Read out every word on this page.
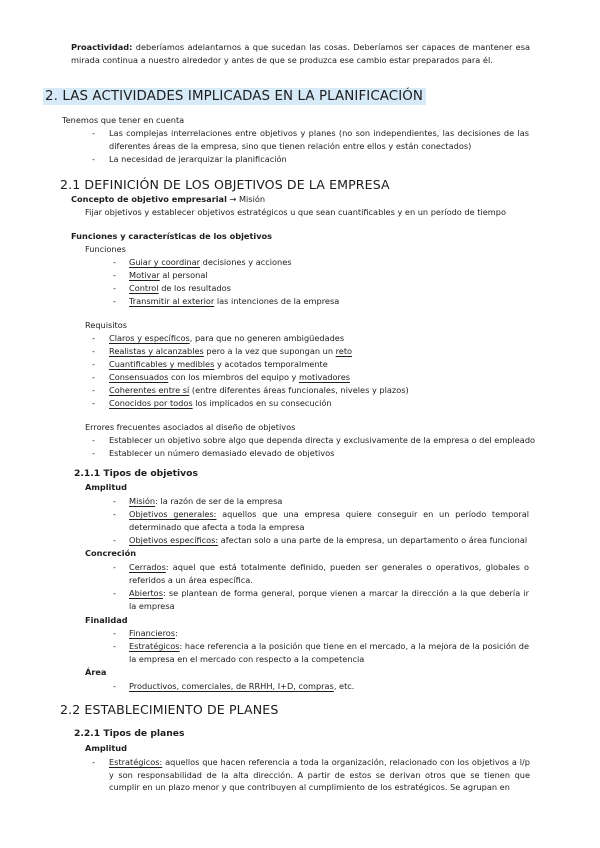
Proactividad: deberíamos adelantarnos a que sucedan las cosas. Deberíamos ser capaces de mantener esa mirada continua a nuestro alrededor y antes de que se produzca ese cambio estar preparados para él.
2. LAS ACTIVIDADES IMPLICADAS EN LA PLANIFICACIÓN
Tenemos que tener en cuenta
- Las complejas interrelaciones entre objetivos y planes (no son independientes, las decisiones de las diferentes áreas de la empresa, sino que tienen relación entre ellos y están conectados)
- La necesidad de jerarquizar la planificación
2.1 DEFINICIÓN DE LOS OBJETIVOS DE LA EMPRESA
Concepto de objetivo empresarial → Misión
Fijar objetivos y establecer objetivos estratégicos u que sean cuantificables y en un período de tiempo
Funciones y características de los objetivos
Funciones
- Guiar y coordinar decisiones y acciones
- Motivar al personal
- Control de los resultados
- Transmitir al exterior las intenciones de la empresa
Requisitos
- Claros y específicos, para que no generen ambigüedades
- Realistas y alcanzables pero a la vez que supongan un reto
- Cuantificables y medibles y acotados temporalmente
- Consensuados con los miembros del equipo y motivadores
- Coherentes entre sí (entre diferentes áreas funcionales, niveles y plazos)
- Conocidos por todos los implicados en su consecución
Errores frecuentes asociados al diseño de objetivos
- Establecer un objetivo sobre algo que dependa directa y exclusivamente de la empresa o del empleado
- Establecer un número demasiado elevado de objetivos
2.1.1 Tipos de objetivos
Amplitud
- Misión: la razón de ser de la empresa
- Objetivos generales: aquellos que una empresa quiere conseguir en un período temporal determinado que afecta a toda la empresa
- Objetivos específicos: afectan solo a una parte de la empresa, un departamento o área funcional
Concreción
- Cerrados: aquel que está totalmente definido, pueden ser generales o operativos, globales o referidos a un área específica.
- Abiertos: se plantean de forma general, porque vienen a marcar la dirección a la que debería ir la empresa
Finalidad
- Financieros:
- Estratégicos: hace referencia a la posición que tiene en el mercado, a la mejora de la posición de la empresa en el mercado con respecto a la competencia
Área
- Productivos, comerciales, de RRHH, I+D, compras, etc.
2.2 ESTABLECIMIENTO DE PLANES
2.2.1 Tipos de planes
Amplitud
- Estratégicos: aquellos que hacen referencia a toda la organización, relacionado con los objetivos a l/p y son responsabilidad de la alta dirección. A partir de estos se derivan otros que se tienen que cumplir en un plazo menor y que contribuyen al cumplimiento de los estratégicos. Se agrupan en
